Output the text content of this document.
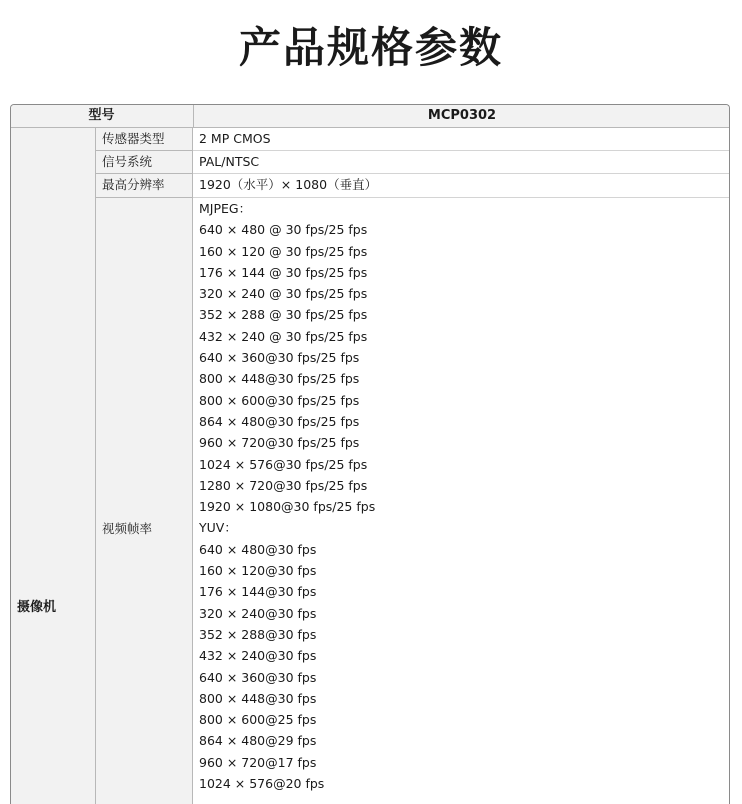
产品规格参数
型号	MCP0302
摄像机
传感器类型
信号系统
最高分辨率
视频帧率
2 MP CMOS
PAL/NTSC
1920（水平）× 1080（垂直）
MJPEG：
640 × 480 @ 30 fps/25 fps
160 × 120 @ 30 fps/25 fps
176 × 144 @ 30 fps/25 fps
320 × 240 @ 30 fps/25 fps
352 × 288 @ 30 fps/25 fps
432 × 240 @ 30 fps/25 fps
640 × 360@30 fps/25 fps
800 × 448@30 fps/25 fps
800 × 600@30 fps/25 fps
864 × 480@30 fps/25 fps
960 × 720@30 fps/25 fps
1024 × 576@30 fps/25 fps
1280 × 720@30 fps/25 fps
1920 × 1080@30 fps/25 fps
YUV：
640 × 480@30 fps
160 × 120@30 fps
176 × 144@30 fps
320 × 240@30 fps
352 × 288@30 fps
432 × 240@30 fps
640 × 360@30 fps
800 × 448@30 fps
800 × 600@25 fps
864 × 480@29 fps
960 × 720@17 fps
1024 × 576@20 fps
